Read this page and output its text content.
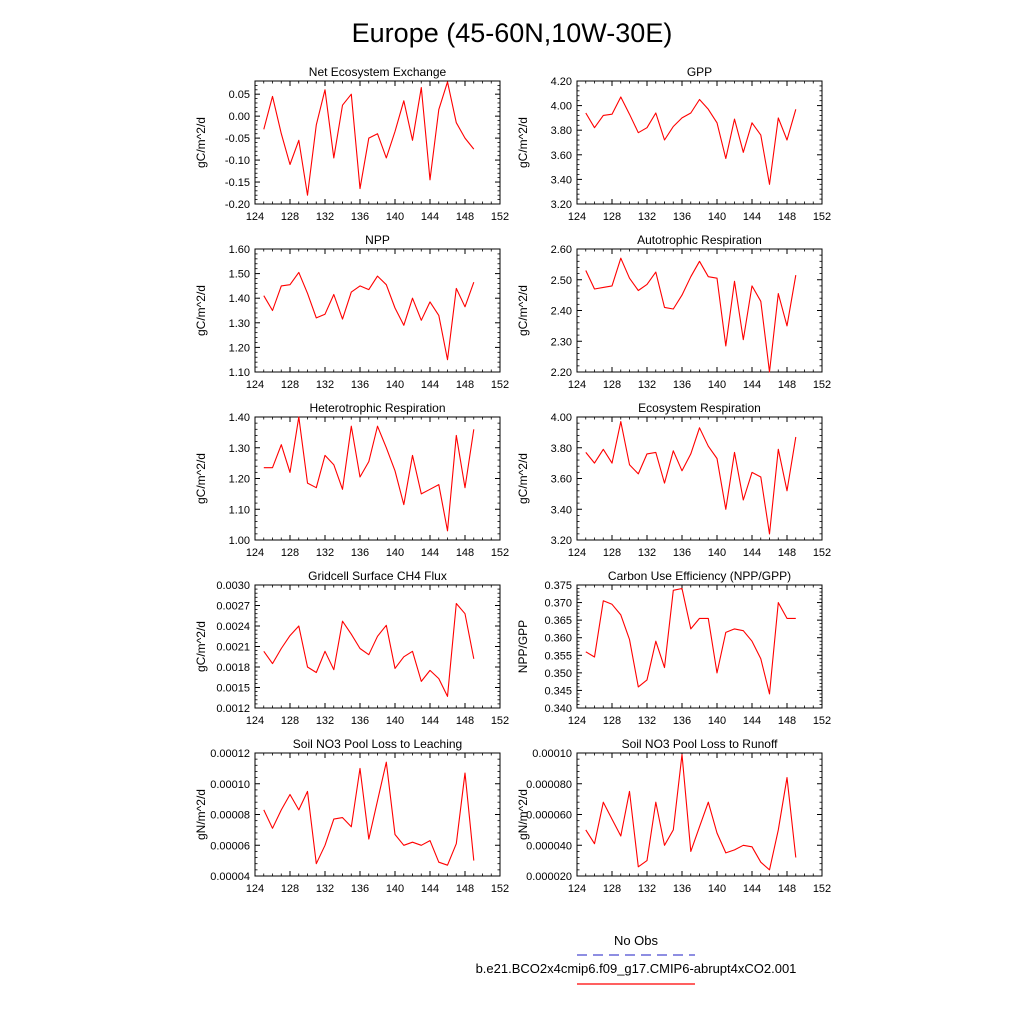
Europe (45-60N,10W-30E)
Net Ecosystem Exchange
124 128 132 136 140 144 148 152
-0.20
-0.15
-0.10
-0.05
0.00
0.05
gC/m^2/d
GPP
124 128 132 136 140 144 148 152
3.20
3.40
3.60
3.80
4.00
4.20
gC/m^2/d
NPP
124 128 132 136 140 144 148 152
1.10
1.20
1.30
1.40
1.50
1.60
gC/m^2/d
Autotrophic Respiration
124 128 132 136 140 144 148 152
2.20
2.30
2.40
2.50
2.60
gC/m^2/d
Heterotrophic Respiration
124 128 132 136 140 144 148 152
1.00
1.10
1.20
1.30
1.40
gC/m^2/d
Ecosystem Respiration
124 128 132 136 140 144 148 152
3.20
3.40
3.60
3.80
4.00
gC/m^2/d
Gridcell Surface CH4 Flux
124 128 132 136 140 144 148 152
0.0012
0.0015
0.0018
0.0021
0.0024
0.0027
0.0030
gC/m^2/d
Carbon Use Efficiency (NPP/GPP)
124 128 132 136 140 144 148 152
0.340
0.345
0.350
0.355
0.360
0.365
0.370
0.375
NPP/GPP
Soil NO3 Pool Loss to Leaching
124 128 132 136 140 144 148 152
0.00004
0.00006
0.00008
0.00010
0.00012
gN/m^2/d
Soil NO3 Pool Loss to Runoff
124 128 132 136 140 144 148 152
0.000020
0.000040
0.000060
0.000080
0.00010
gN/m^2/d
No Obs
b.e21.BCO2x4cmip6.f09_g17.CMIP6-abrupt4xCO2.001
